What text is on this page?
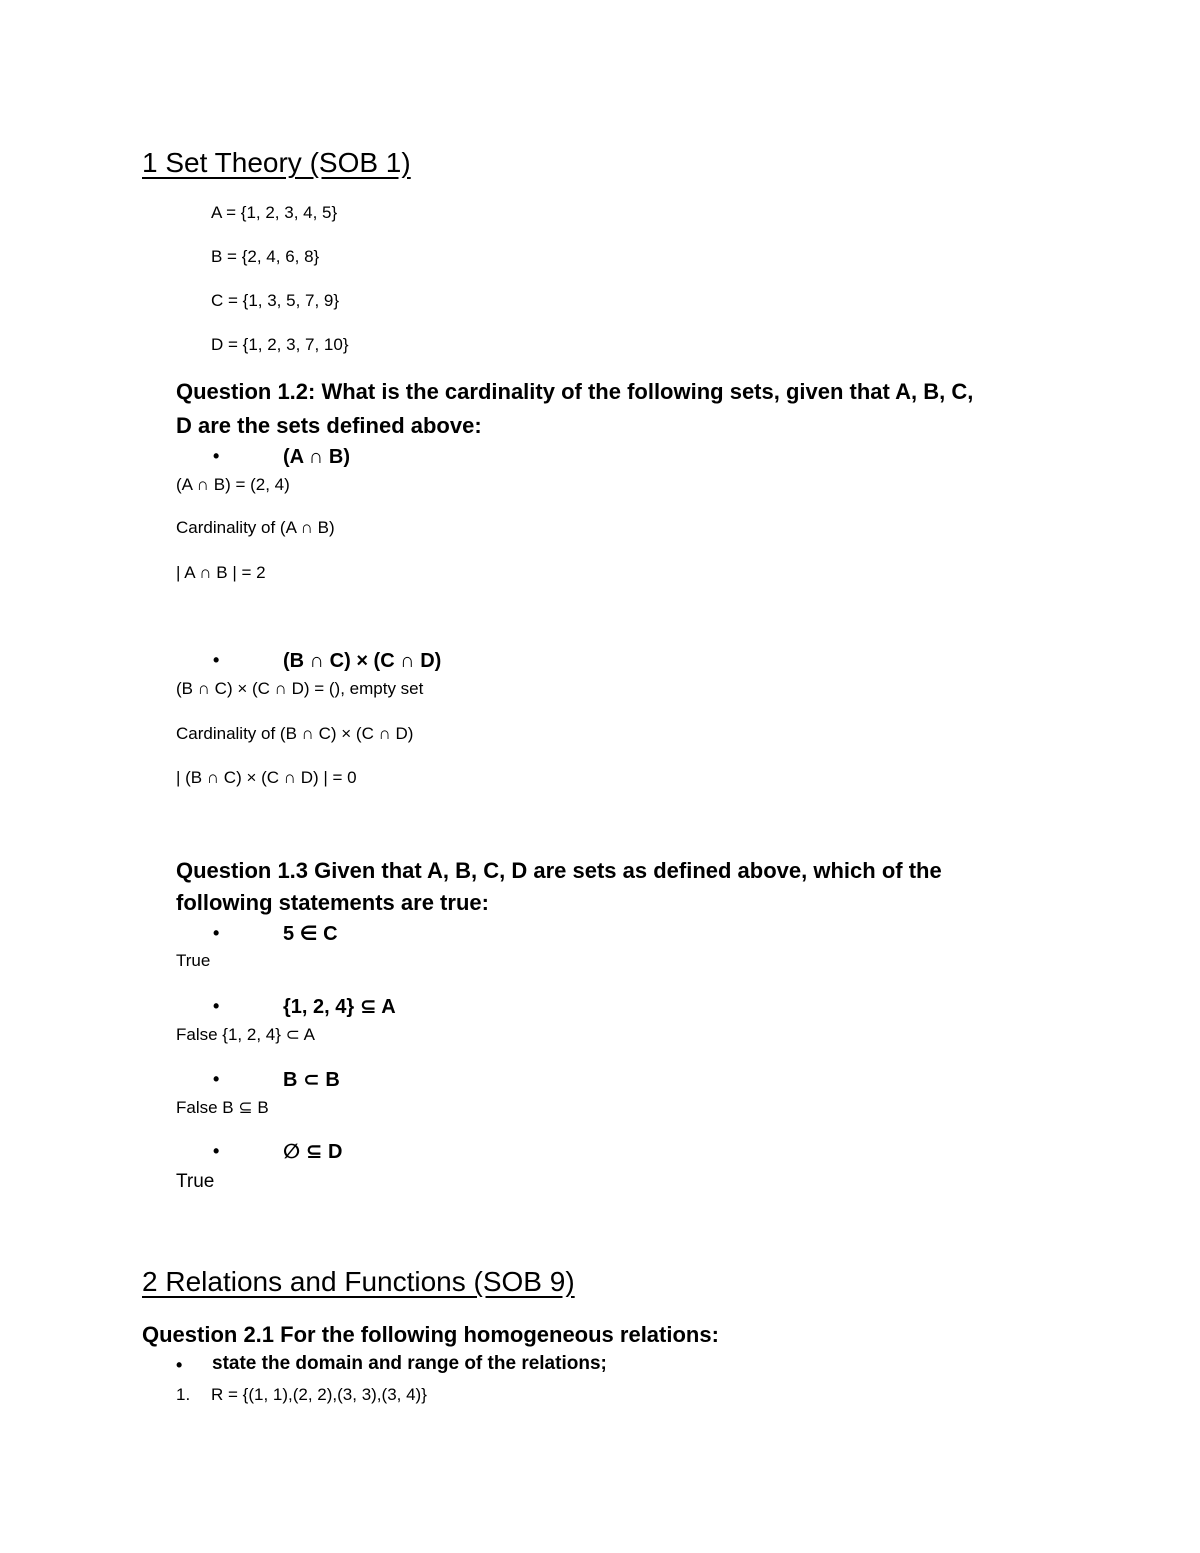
1 Set Theory (SOB 1)
A = {1, 2, 3, 4, 5}
B = {2, 4, 6, 8}
C = {1, 3, 5, 7, 9}
D = {1, 2, 3, 7, 10}
Question 1.2: What is the cardinality of the following sets, given that A, B, C,
D are the sets defined above:
•	(A ∩ B)
(A ∩ B) = (2, 4)
Cardinality of (A ∩ B)
| A ∩ B | = 2
•	(B ∩ C) × (C ∩ D)
(B ∩ C) × (C ∩ D) = (), empty set
Cardinality of (B ∩ C) × (C ∩ D)
| (B ∩ C) × (C ∩ D) | = 0
Question 1.3 Given that A, B, C, D are sets as defined above, which of the
following statements are true:
•	5 ∈ C
True
•	{1, 2, 4} ⊆ A
False {1, 2, 4} ⊂ A
•	B ⊂ B
False B ⊆ B
•	∅ ⊆ D
True
2 Relations and Functions (SOB 9)
Question 2.1 For the following homogeneous relations:
• state the domain and range of the relations;
1. R = {(1, 1),(2, 2),(3, 3),(3, 4)}
